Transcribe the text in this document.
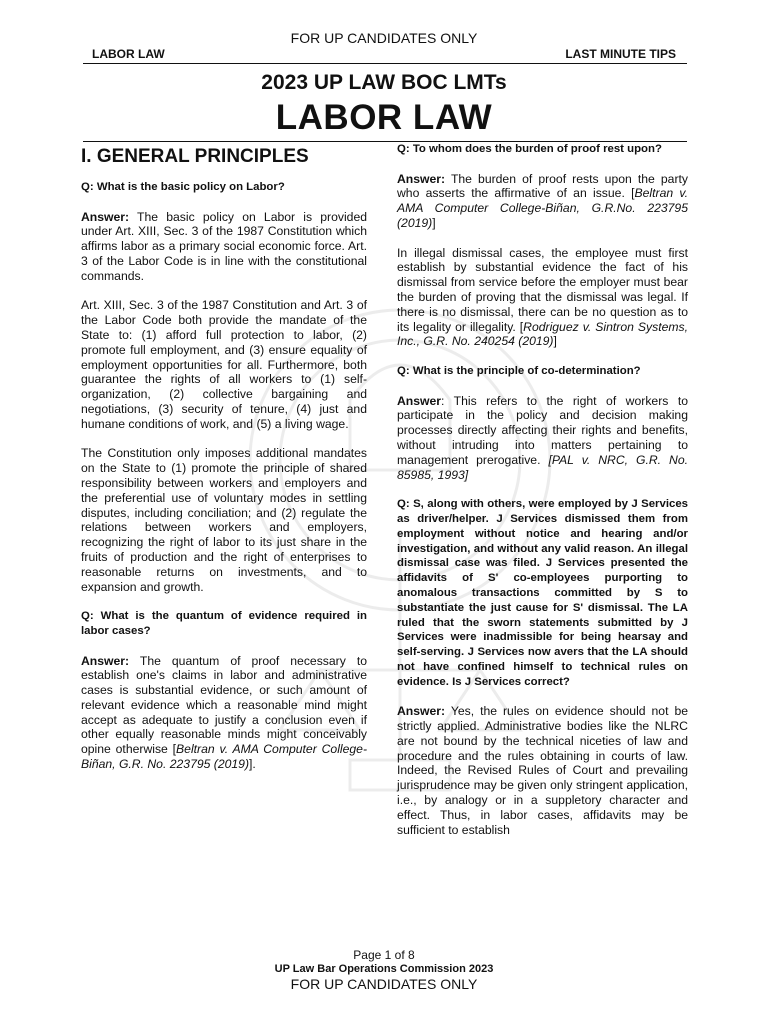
FOR UP CANDIDATES ONLY
LABOR LAW	LAST MINUTE TIPS
2023 UP LAW BOC LMTs
LABOR LAW
I. GENERAL PRINCIPLES

Q: What is the basic policy on Labor?

Answer: The basic policy on Labor is provided under Art. XIII, Sec. 3 of the 1987 Constitution which affirms labor as a primary social economic force. Art. 3 of the Labor Code is in line with the constitutional commands.

Art. XIII, Sec. 3 of the 1987 Constitution and Art. 3 of the Labor Code both provide the mandate of the State to: (1) afford full protection to labor, (2) promote full employment, and (3) ensure equality of employment opportunities for all. Furthermore, both guarantee the rights of all workers to (1) self-organization, (2) collective bargaining and negotiations, (3) security of tenure, (4) just and humane conditions of work, and (5) a living wage.

The Constitution only imposes additional mandates on the State to (1) promote the principle of shared responsibility between workers and employers and the preferential use of voluntary modes in settling disputes, including conciliation; and (2) regulate the relations between workers and employers, recognizing the right of labor to its just share in the fruits of production and the right of enterprises to reasonable returns on investments, and to expansion and growth.

Q: What is the quantum of evidence required in labor cases?

Answer: The quantum of proof necessary to establish one's claims in labor and administrative cases is substantial evidence, or such amount of relevant evidence which a reasonable mind might accept as adequate to justify a conclusion even if other equally reasonable minds might conceivably opine otherwise [Beltran v. AMA Computer College-Biñan, G.R. No. 223795 (2019)].

Q: To whom does the burden of proof rest upon?

Answer: The burden of proof rests upon the party who asserts the affirmative of an issue. [Beltran v. AMA Computer College-Biñan, G.R.No. 223795 (2019)]

In illegal dismissal cases, the employee must first establish by substantial evidence the fact of his dismissal from service before the employer must bear the burden of proving that the dismissal was legal. If there is no dismissal, there can be no question as to its legality or illegality. [Rodriguez v. Sintron Systems, Inc., G.R. No. 240254 (2019)]

Q: What is the principle of co-determination?

Answer: This refers to the right of workers to participate in the policy and decision making processes directly affecting their rights and benefits, without intruding into matters pertaining to management prerogative. [PAL v. NRC, G.R. No. 85985, 1993]

Q: S, along with others, were employed by J Services as driver/helper. J Services dismissed them from employment without notice and hearing and/or investigation, and without any valid reason. An illegal dismissal case was filed. J Services presented the affidavits of S' co-employees purporting to anomalous transactions committed by S to substantiate the just cause for S' dismissal. The LA ruled that the sworn statements submitted by J Services were inadmissible for being hearsay and self-serving. J Services now avers that the LA should not have confined himself to technical rules on evidence. Is J Services correct?

Answer: Yes, the rules on evidence should not be strictly applied. Administrative bodies like the NLRC are not bound by the technical niceties of law and procedure and the rules obtaining in courts of law. Indeed, the Revised Rules of Court and prevailing jurisprudence may be given only stringent application, i.e., by analogy or in a suppletory character and effect. Thus, in labor cases, affidavits may be sufficient to establish

Page 1 of 8
UP Law Bar Operations Commission 2023
FOR UP CANDIDATES ONLY
